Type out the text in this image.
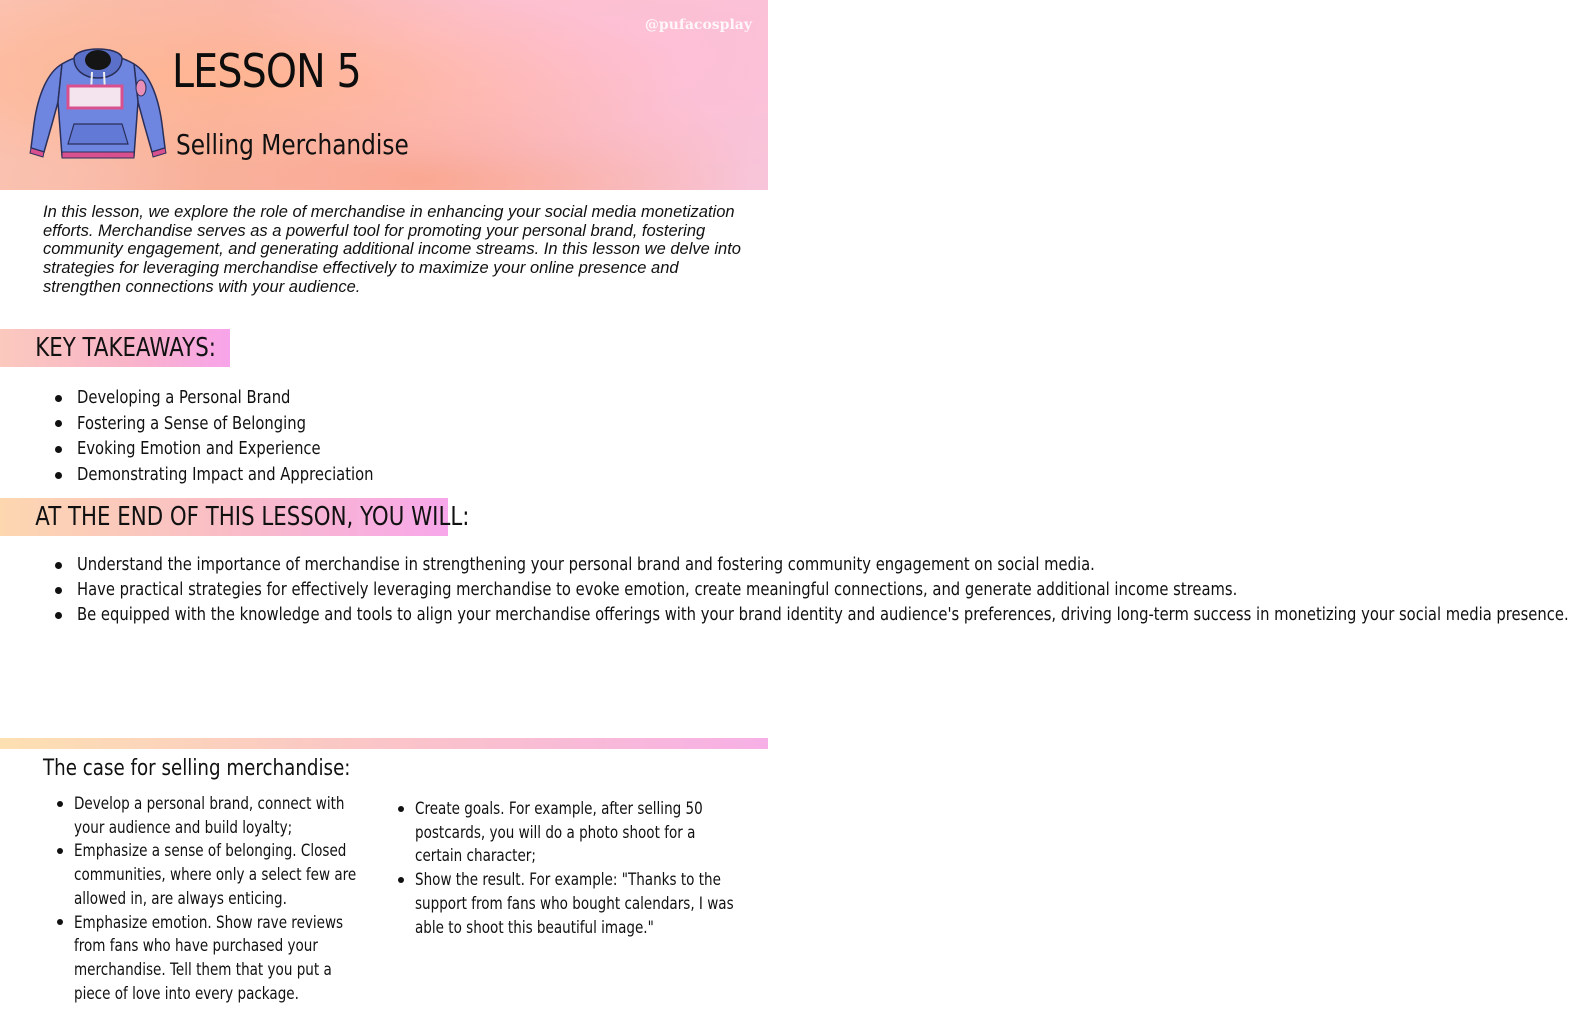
@pufacosplay
LESSON 5
Selling Merchandise

In this lesson, we explore the role of merchandise in enhancing your social media monetization efforts. Merchandise serves as a powerful tool for promoting your personal brand, fostering community engagement, and generating additional income streams. In this lesson we delve into strategies for leveraging merchandise effectively to maximize your online presence and strengthen connections with your audience.

KEY TAKEAWAYS:
Developing a Personal Brand
Fostering a Sense of Belonging
Evoking Emotion and Experience
Demonstrating Impact and Appreciation
AT THE END OF THIS LESSON, YOU WILL:
Understand the importance of merchandise in strengthening your personal brand and fostering community engagement on social media.
Have practical strategies for effectively leveraging merchandise to evoke emotion, create meaningful connections, and generate additional income streams.
Be equipped with the knowledge and tools to align your merchandise offerings with your brand identity and audience's preferences, driving long-term success in monetizing your social media presence.
The case for selling merchandise:
Develop a personal brand, connect with your audience and build loyalty;
Emphasize a sense of belonging. Closed communities, where only a select few are allowed in, are always enticing.
Emphasize emotion. Show rave reviews from fans who have purchased your merchandise. Tell them that you put a piece of love into every package.
Create goals. For example, after selling 50 postcards, you will do a photo shoot for a certain character;
Show the result. For example: "Thanks to the support from fans who bought calendars, I was able to shoot this beautiful image."
